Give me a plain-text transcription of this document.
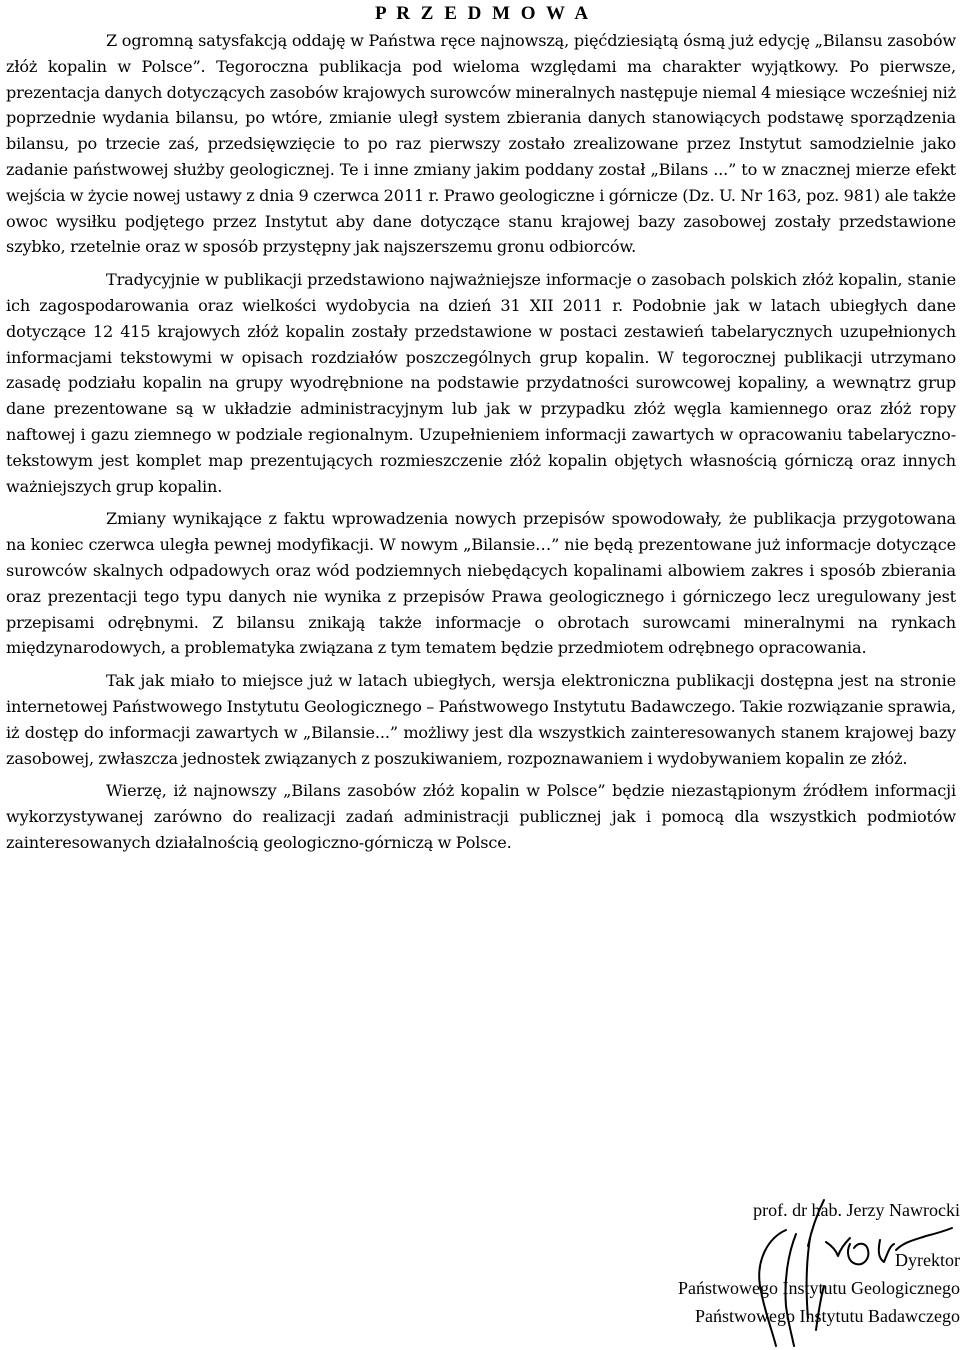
P R Z E D M O W A

Z ogromną satysfakcją oddaję w Państwa ręce najnowszą, pięćdziesiątą ósmą już edycję „Bilansu zasobów złóż kopalin w Polsce”. Tegoroczna publikacja pod wieloma względami ma charakter wyjątkowy. Po pierwsze, prezentacja danych dotyczących zasobów krajowych surowców mineralnych następuje niemal 4 miesiące wcześniej niż poprzednie wydania bilansu, po wtóre, zmianie uległ system zbierania danych stanowiących podstawę sporządzenia bilansu, po trzecie zaś, przedsięwzięcie to po raz pierwszy zostało zrealizowane przez Instytut samodzielnie jako zadanie państwowej służby geologicznej. Te i inne zmiany jakim poddany został „Bilans ...” to w znacznej mierze efekt wejścia w życie nowej ustawy z dnia 9 czerwca 2011 r. Prawo geologiczne i górnicze (Dz. U. Nr 163, poz. 981) ale także owoc wysiłku podjętego przez Instytut aby dane dotyczące stanu krajowej bazy zasobowej zostały przedstawione szybko, rzetelnie oraz w sposób przystępny jak najszerszemu gronu odbiorców.

Tradycyjnie w publikacji przedstawiono najważniejsze informacje o zasobach polskich złóż kopalin, stanie ich zagospodarowania oraz wielkości wydobycia na dzień 31 XII 2011 r. Podobnie jak w latach ubiegłych dane dotyczące 12 415 krajowych złóż kopalin zostały przedstawione w postaci zestawień tabelarycznych uzupełnionych informacjami tekstowymi w opisach rozdziałów poszczególnych grup kopalin. W tegorocznej publikacji utrzymano zasadę podziału kopalin na grupy wyodrębnione na podstawie przydatności surowcowej kopaliny, a wewnątrz grup dane prezentowane są w układzie administracyjnym lub jak w przypadku złóż węgla kamiennego oraz złóż ropy naftowej i gazu ziemnego w podziale regionalnym. Uzupełnieniem informacji zawartych w opracowaniu tabelaryczno-tekstowym jest komplet map prezentujących rozmieszczenie złóż kopalin objętych własnością górniczą oraz innych ważniejszych grup kopalin.

Zmiany wynikające z faktu wprowadzenia nowych przepisów spowodowały, że publikacja przygotowana na koniec czerwca uległa pewnej modyfikacji. W nowym „Bilansie…” nie będą prezentowane już informacje dotyczące surowców skalnych odpadowych oraz wód podziemnych niebędących kopalinami albowiem zakres i sposób zbierania oraz prezentacji tego typu danych nie wynika z przepisów Prawa geologicznego i górniczego lecz uregulowany jest przepisami odrębnymi. Z bilansu znikają także informacje o obrotach surowcami mineralnymi na rynkach międzynarodowych, a problematyka związana z tym tematem będzie przedmiotem odrębnego opracowania.

Tak jak miało to miejsce już w latach ubiegłych, wersja elektroniczna publikacji dostępna jest na stronie internetowej Państwowego Instytutu Geologicznego – Państwowego Instytutu Badawczego. Takie rozwiązanie sprawia, iż dostęp do informacji zawartych w „Bilansie...” możliwy jest dla wszystkich zainteresowanych stanem krajowej bazy zasobowej, zwłaszcza jednostek związanych z poszukiwaniem, rozpoznawaniem i wydobywaniem kopalin ze złóż.

Wierzę, iż najnowszy „Bilans zasobów złóż kopalin w Polsce” będzie niezastąpionym źródłem informacji wykorzystywanej zarówno do realizacji zadań administracji publicznej jak i pomocą dla wszystkich podmiotów zainteresowanych działalnością geologiczno-górniczą w Polsce.

prof. dr hab. Jerzy Nawrocki
Dyrektor
Państwowego Instytutu Geologicznego
Państwowego Instytutu Badawczego
